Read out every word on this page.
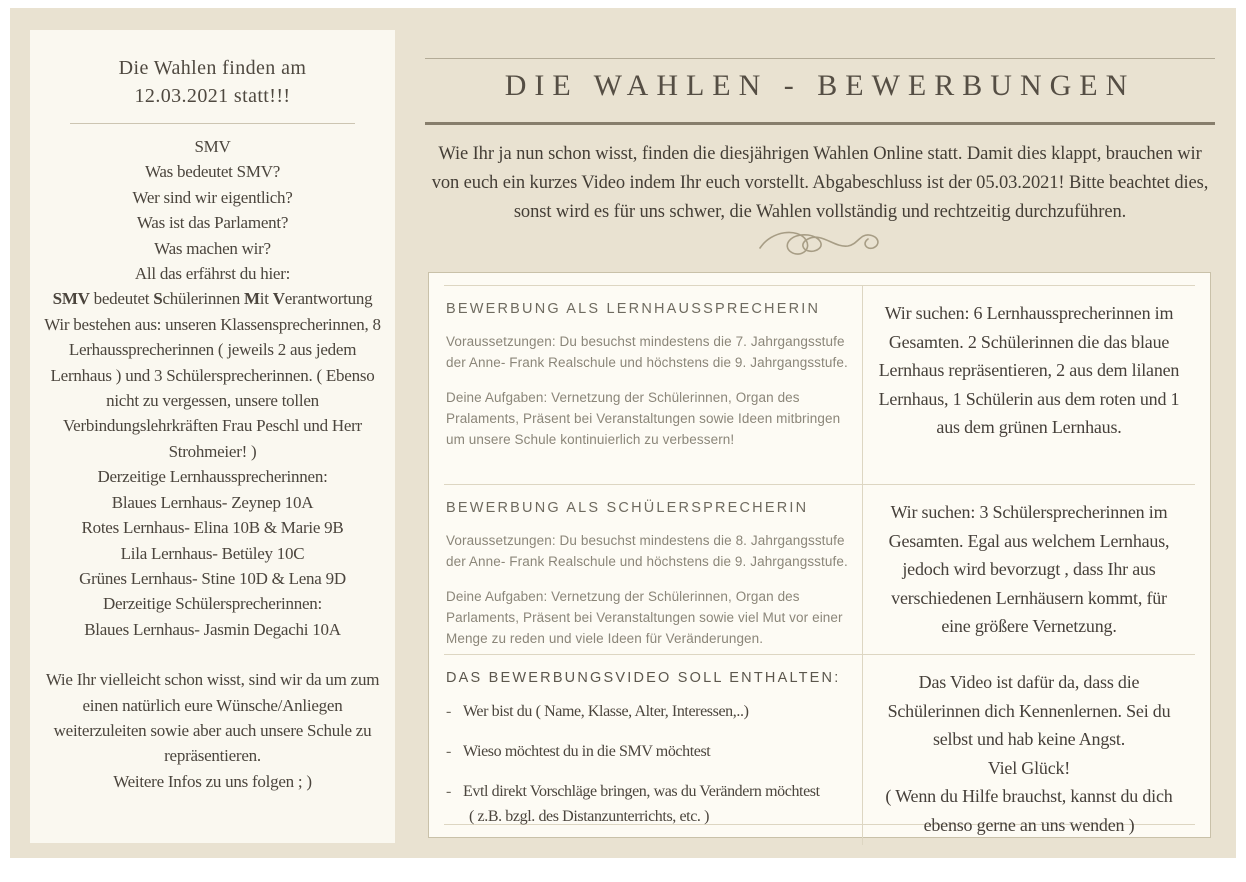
Die Wahlen finden am
12.03.2021 statt!!!
SMV
Was bedeutet SMV?
Wer sind wir eigentlich?
Was ist das Parlament?
Was machen wir?
All das erfährst du hier:
SMV bedeutet Schülerinnen Mit Verantwortung
Wir bestehen aus: unseren Klassensprecherinnen, 8 Lerhaussprecherinnen ( jeweils 2 aus jedem Lernhaus ) und 3 Schülersprecherinnen. ( Ebenso nicht zu vergessen, unsere tollen Verbindungslehrkräften Frau Peschl und Herr Strohmeier! )
Derzeitige Lernhaussprecherinnen:
Blaues Lernhaus- Zeynep 10A
Rotes Lernhaus- Elina 10B & Marie 9B
Lila Lernhaus- Betüley 10C
Grünes Lernhaus- Stine 10D & Lena 9D
Derzeitige Schülersprecherinnen:
Blaues Lernhaus- Jasmin Degachi 10A
Wie Ihr vielleicht schon wisst, sind wir da um zum einen natürlich eure Wünsche/Anliegen weiterzuleiten sowie aber auch unsere Schule zu repräsentieren.
Weitere Infos zu uns folgen ; )
DIE WAHLEN - BEWERBUNGEN
Wie Ihr ja nun schon wisst, finden die diesjährigen Wahlen Online statt. Damit dies klappt, brauchen wir von euch ein kurzes Video indem Ihr euch vorstellt. Abgabeschluss ist der 05.03.2021! Bitte beachtet dies, sonst wird es für uns schwer, die Wahlen vollständig und rechtzeitig durchzuführen.
BEWERBUNG ALS LERNHAUSSPRECHERIN

Voraussetzungen: Du besuchst mindestens die 7. Jahrgangsstufe der Anne- Frank Realschule und höchstens die 9. Jahrgangsstufe.

Deine Aufgaben: Vernetzung der Schülerinnen, Organ des Pralaments, Präsent bei Veranstaltungen sowie Ideen mitbringen um unsere Schule kontinuierlich zu verbessern!

Wir suchen: 6 Lernhaussprecherinnen im Gesamten. 2 Schülerinnen die das blaue Lernhaus repräsentieren, 2 aus dem lilanen Lernhaus, 1 Schülerin aus dem roten und 1 aus dem grünen Lernhaus.

BEWERBUNG ALS SCHÜLERSPRECHERIN

Voraussetzungen: Du besuchst mindestens die 8. Jahrgangsstufe der Anne- Frank Realschule und höchstens die 9. Jahrgangsstufe.

Deine Aufgaben: Vernetzung der Schülerinnen, Organ des Parlaments, Präsent bei Veranstaltungen sowie viel Mut vor einer Menge zu reden und viele Ideen für Veränderungen.

Wir suchen: 3 Schülersprecherinnen im Gesamten. Egal aus welchem Lernhaus, jedoch wird bevorzugt , dass Ihr aus verschiedenen Lernhäusern kommt, für eine größere Vernetzung.

DAS BEWERBUNGSVIDEO SOLL ENTHALTEN:
- Wer bist du ( Name, Klasse, Alter, Interessen,..)
- Wieso möchtest du in die SMV möchtest
- Evtl direkt Vorschläge bringen, was du Verändern möchtest
( z.B. bzgl. des Distanzunterrichts, etc. )

Das Video ist dafür da, dass die Schülerinnen dich Kennenlernen. Sei du selbst und hab keine Angst.

Viel Glück!

( Wenn du Hilfe brauchst, kannst du dich ebenso gerne an uns wenden )
